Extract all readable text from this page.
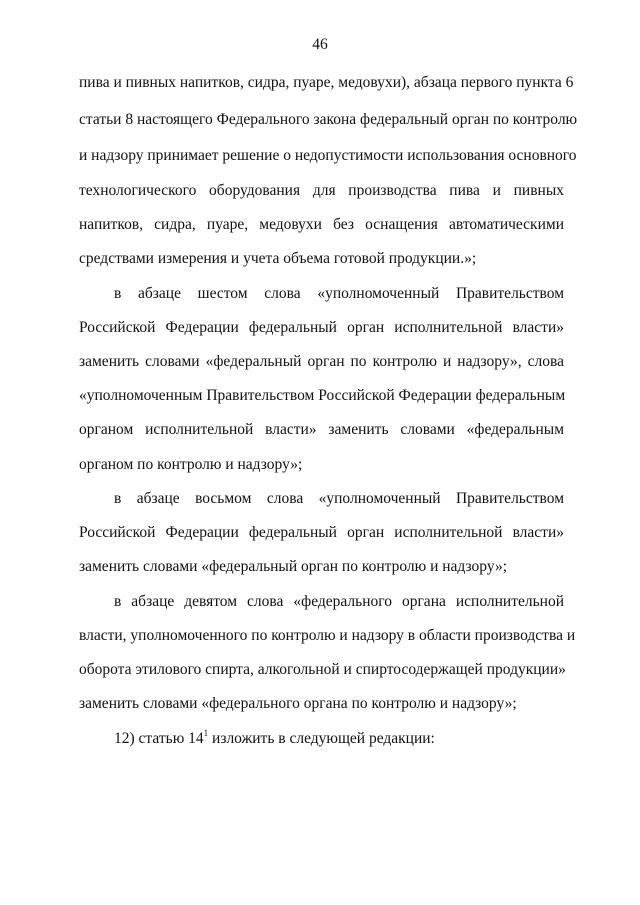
46
пива и пивных напитков, сидра, пуаре, медовухи), абзаца первого пункта 6
статьи 8 настоящего Федерального закона федеральный орган по контролю
и надзору принимает решение о недопустимости использования основного
технологического оборудования для производства пива и пивных
напитков, сидра, пуаре, медовухи без оснащения автоматическими
средствами измерения и учета объема готовой продукции.»;
в абзаце шестом слова «уполномоченный Правительством
Российской Федерации федеральный орган исполнительной власти»
заменить словами «федеральный орган по контролю и надзору», слова
«уполномоченным Правительством Российской Федерации федеральным
органом исполнительной власти» заменить словами «федеральным
органом по контролю и надзору»;
в абзаце восьмом слова «уполномоченный Правительством
Российской Федерации федеральный орган исполнительной власти»
заменить словами «федеральный орган по контролю и надзору»;
в абзаце девятом слова «федерального органа исполнительной
власти, уполномоченного по контролю и надзору в области производства и
оборота этилового спирта, алкогольной и спиртосодержащей продукции»
заменить словами «федерального органа по контролю и надзору»;
12) статью $14^1$ изложить в следующей редакции:
